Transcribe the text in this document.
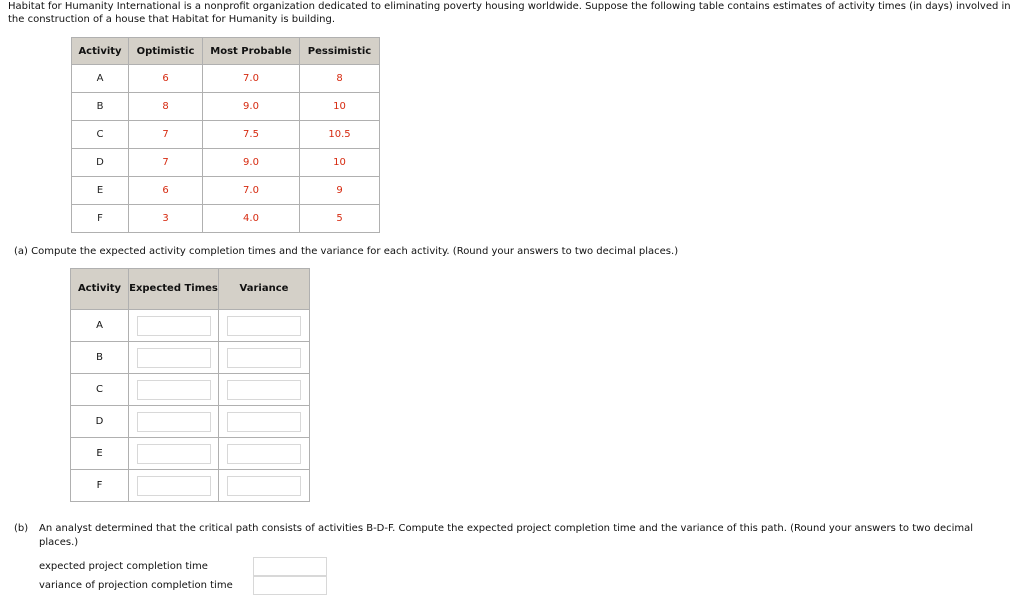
Habitat for Humanity International is a nonprofit organization dedicated to eliminating poverty housing worldwide. Suppose the following table contains estimates of activity times (in days) involved in the construction of a house that Habitat for Humanity is building.
Activity	Optimistic	Most Probable	Pessimistic
A	6	7.0	8
B	8	9.0	10
C	7	7.5	10.5
D	7	9.0	10
E	6	7.0	9
F	3	4.0	5
(a) Compute the expected activity completion times and the variance for each activity. (Round your answers to two decimal places.)
Activity	Expected Times	Variance
A	

B	

C	

D	

E	

F	

(b) An analyst determined that the critical path consists of activities B-D-F. Compute the expected project completion time and the variance of this path. (Round your answers to two decimal places.)
expected project completion time
variance of projection completion time
